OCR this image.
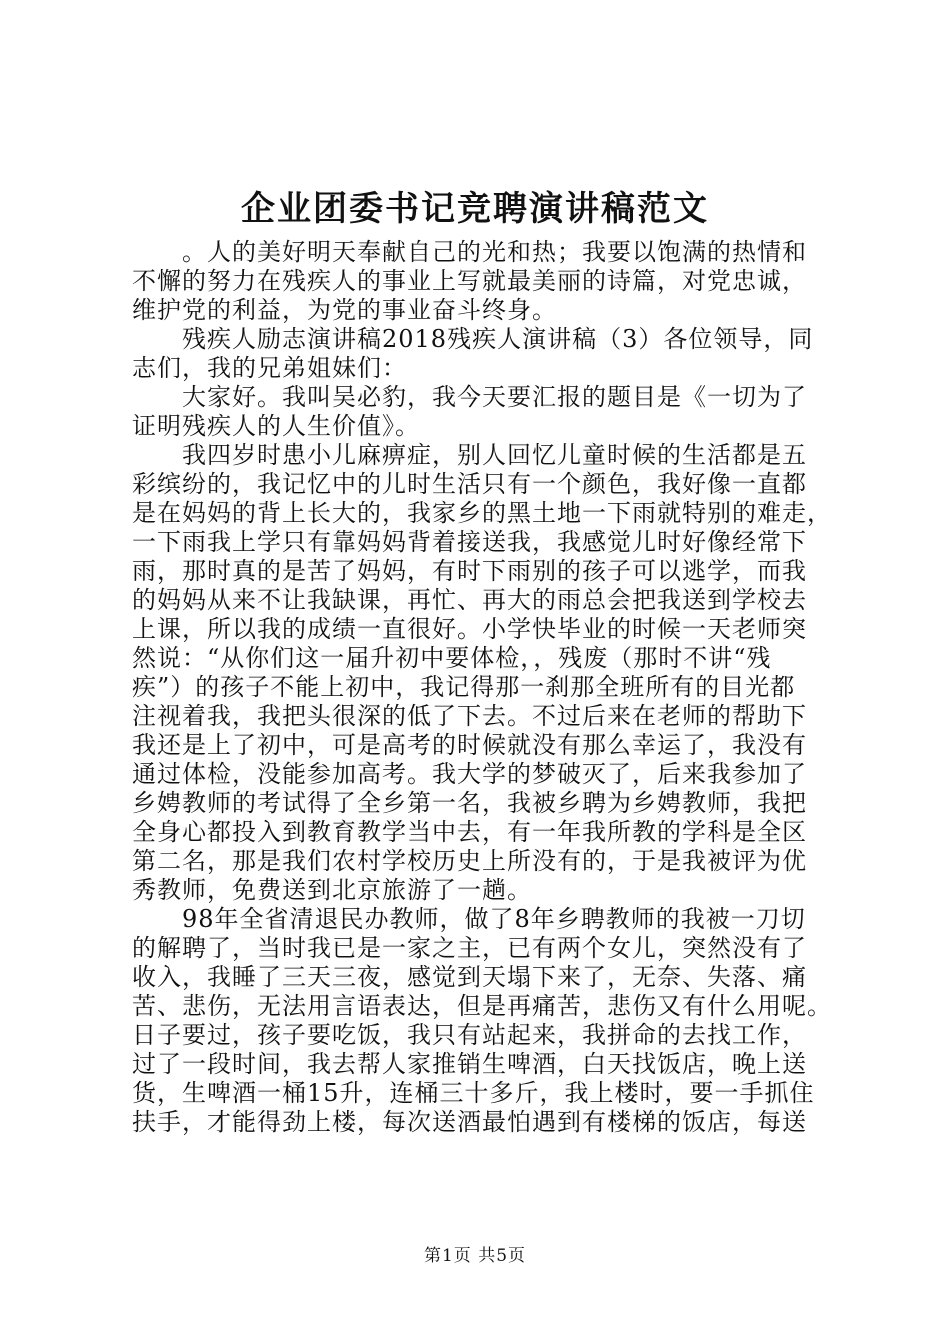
企业团委书记竞聘演讲稿范文
。人的美好明天奉献自己的光和热；我要以饱满的热情和
不懈的努力在残疾人的事业上写就最美丽的诗篇，对党忠诚，
维护党的利益，为党的事业奋斗终身。
残疾人励志演讲稿2018残疾人演讲稿（3）各位领导，同
志们，我的兄弟姐妹们：
大家好。我叫吴必豹，我今天要汇报的题目是《一切为了
证明残疾人的人生价值》。
我四岁时患小儿麻痹症，别人回忆儿童时候的生活都是五
彩缤纷的，我记忆中的儿时生活只有一个颜色，我好像一直都
是在妈妈的背上长大的，我家乡的黑土地一下雨就特别的难走，
一下雨我上学只有靠妈妈背着接送我，我感觉儿时好像经常下
雨，那时真的是苦了妈妈，有时下雨别的孩子可以逃学，而我
的妈妈从来不让我缺课，再忙、再大的雨总会把我送到学校去
上课，所以我的成绩一直很好。小学快毕业的时候一天老师突
然说：“从你们这一届升初中要体检，，残废（那时不讲“残
疾”）的孩子不能上初中，我记得那一刹那全班所有的目光都
注视着我，我把头很深的低了下去。不过后来在老师的帮助下
我还是上了初中，可是高考的时候就没有那么幸运了，我没有
通过体检，没能参加高考。我大学的梦破灭了，后来我参加了
乡娉教师的考试得了全乡第一名，我被乡聘为乡娉教师，我把
全身心都投入到教育教学当中去，有一年我所教的学科是全区
第二名，那是我们农村学校历史上所没有的，于是我被评为优
秀教师，免费送到北京旅游了一趟。
98年全省清退民办教师，做了8年乡聘教师的我被一刀切
的解聘了，当时我已是一家之主，已有两个女儿，突然没有了
收入，我睡了三天三夜，感觉到天塌下来了，无奈、失落、痛
苦、悲伤，无法用言语表达，但是再痛苦，悲伤又有什么用呢。
日子要过，孩子要吃饭，我只有站起来，我拼命的去找工作，
过了一段时间，我去帮人家推销生啤酒，白天找饭店，晚上送
货，生啤酒一桶15升，连桶三十多斤，我上楼时，要一手抓住
扶手，才能得劲上楼，每次送酒最怕遇到有楼梯的饭店，每送
第1页 共5页
